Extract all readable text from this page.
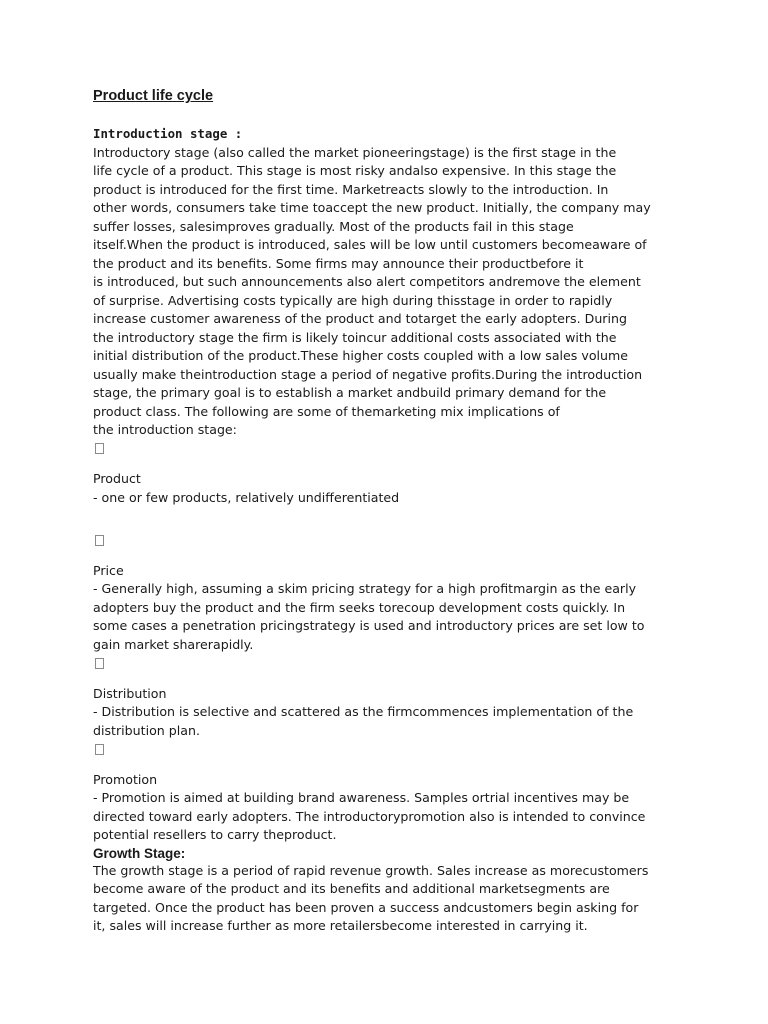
Product life cycle
Introduction stage :
Introductory stage (also called the market pioneeringstage) is the first stage in the
life cycle of a product. This stage is most risky andalso expensive. In this stage the
product is introduced for the first time. Marketreacts slowly to the introduction. In
other words, consumers take time toaccept the new product. Initially, the company may
suffer losses, salesimproves gradually. Most of the products fail in this stage
itself.When the product is introduced, sales will be low until customers becomeaware of
the product and its benefits. Some firms may announce their productbefore it
is introduced, but such announcements also alert competitors andremove the element
of surprise. Advertising costs typically are high during thisstage in order to rapidly
increase customer awareness of the product and totarget the early adopters. During
the introductory stage the firm is likely toincur additional costs associated with the
initial distribution of the product.These higher costs coupled with a low sales volume
usually make theintroduction stage a period of negative profits.During the introduction
stage, the primary goal is to establish a market andbuild primary demand for the
product class. The following are some of themarketing mix implications of
the introduction stage:
Product
- one or few products, relatively undifferentiated
Price
- Generally high, assuming a skim pricing strategy for a high profitmargin as the early
adopters buy the product and the firm seeks torecoup development costs quickly. In
some cases a penetration pricingstrategy is used and introductory prices are set low to
gain market sharerapidly.
Distribution
- Distribution is selective and scattered as the firmcommences implementation of the
distribution plan.
Promotion
- Promotion is aimed at building brand awareness. Samples ortrial incentives may be
directed toward early adopters. The introductorypromotion also is intended to convince
potential resellers to carry theproduct.
Growth Stage:
The growth stage is a period of rapid revenue growth. Sales increase as morecustomers
become aware of the product and its benefits and additional marketsegments are
targeted. Once the product has been proven a success andcustomers begin asking for
it, sales will increase further as more retailersbecome interested in carrying it.
